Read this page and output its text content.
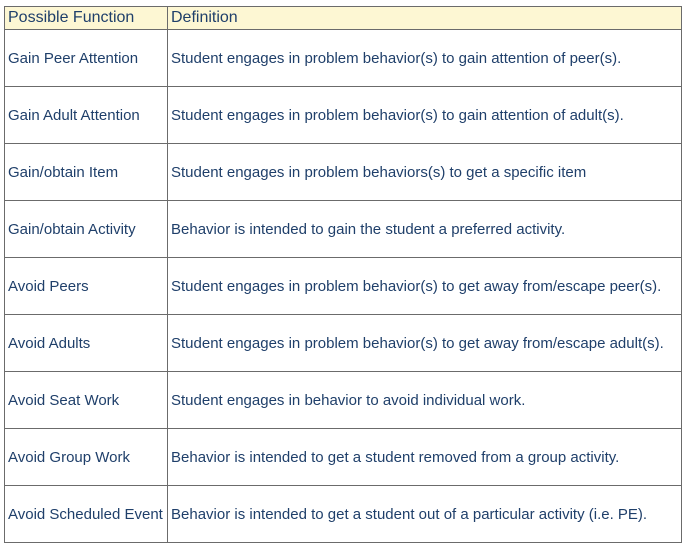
Possible Function	Definition
Gain Peer Attention	Student engages in problem behavior(s) to gain attention of peer(s).
Gain Adult Attention	Student engages in problem behavior(s) to gain attention of adult(s).
Gain/obtain Item	Student engages in problem behaviors(s) to get a specific item
Gain/obtain Activity	Behavior is intended to gain the student a preferred activity.
Avoid Peers	Student engages in problem behavior(s) to get away from/escape peer(s).
Avoid Adults	Student engages in problem behavior(s) to get away from/escape adult(s).
Avoid Seat Work	Student engages in behavior to avoid individual work.
Avoid Group Work	Behavior is intended to get a student removed from a group activity.
Avoid Scheduled Event	Behavior is intended to get a student out of a particular activity (i.e. PE).
